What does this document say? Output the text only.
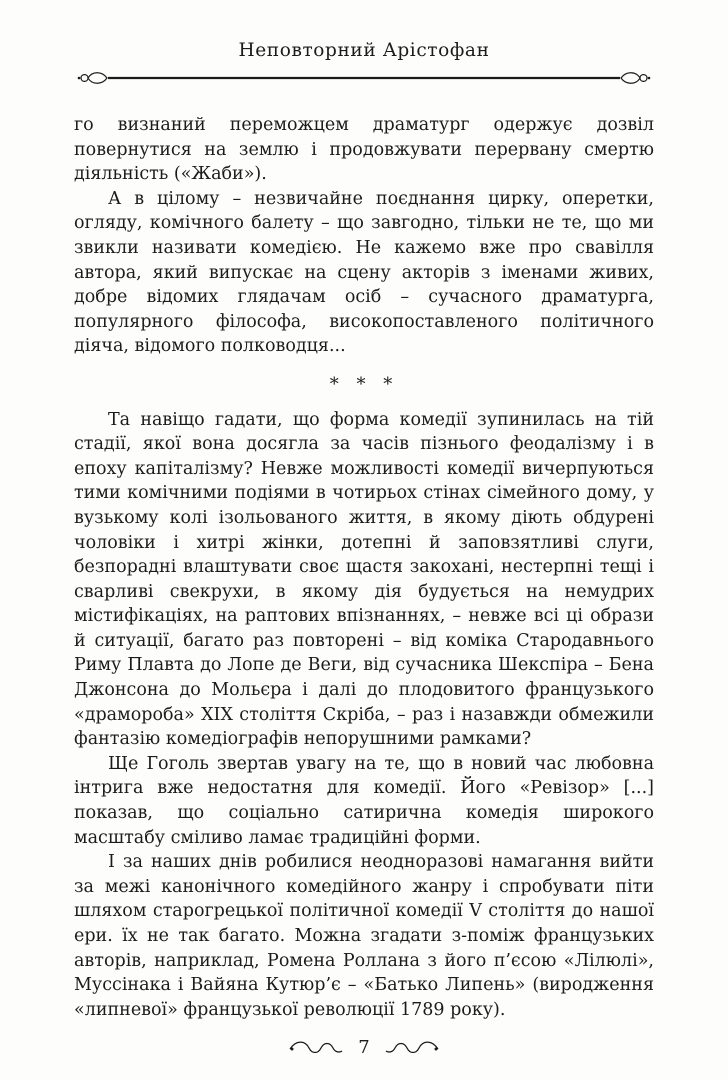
Неповторний Арістофан

го визнаний переможцем драматург одержує дозвіл повернутися на землю і продовжувати перервану смертю діяльність («Жаби»).

А в цілому – незвичайне поєднання цирку, оперетки, огляду, комічного балету – що завгодно, тільки не те, що ми звикли називати комедією. Не кажемо вже про свавілля автора, який випускає на сцену акторів з іменами живих, добре відомих глядачам осіб – сучасного драматурга, популярного філософа, високопоставленого політичного діяча, відомого полководця...

* * *

Та навіщо гадати, що форма комедії зупинилась на тій стадії, якої вона досягла за часів пізнього феодалізму і в епоху капіталізму? Невже можливості комедії вичерпуються тими комічними подіями в чотирьох стінах сімейного дому, у вузькому колі ізольованого життя, в якому діють обдурені чоловіки і хитрі жінки, дотепні й заповзятливі слуги, безпорадні влаштувати своє щастя закохані, нестерпні тещі і сварливі свекрухи, в якому дія будується на немудрих містифікаціях, на раптових впізнаннях, – невже всі ці образи й ситуації, багато раз повторені – від коміка Стародавнього Риму Плавта до Лопе де Веги, від сучасника Шекспіра – Бена Джонсона до Мольєра і далі до плодовитого французького «драмороба» XIX століття Скріба, – раз і назавжди обмежили фантазію комедіографів непорушними рамками?

Ще Гоголь звертав увагу на те, що в новий час любовна інтрига вже недостатня для комедії. Його «Ревізор» [...] показав, що соціально сатирична комедія широкого масштабу сміливо ламає традиційні форми.

І за наших днів робилися неодноразові намагання вийти за межі канонічного комедійного жанру і спробувати піти шляхом старогрецької політичної комедії V століття до нашої ери. їх не так багато. Можна згадати з-поміж французьких авторів, наприклад, Ромена Роллана з його п’єсою «Лілюлі», Муссінака і Вайяна Кутюр’є – «Батько Липень» (виродження «липневої» французької революції 1789 року).

7
